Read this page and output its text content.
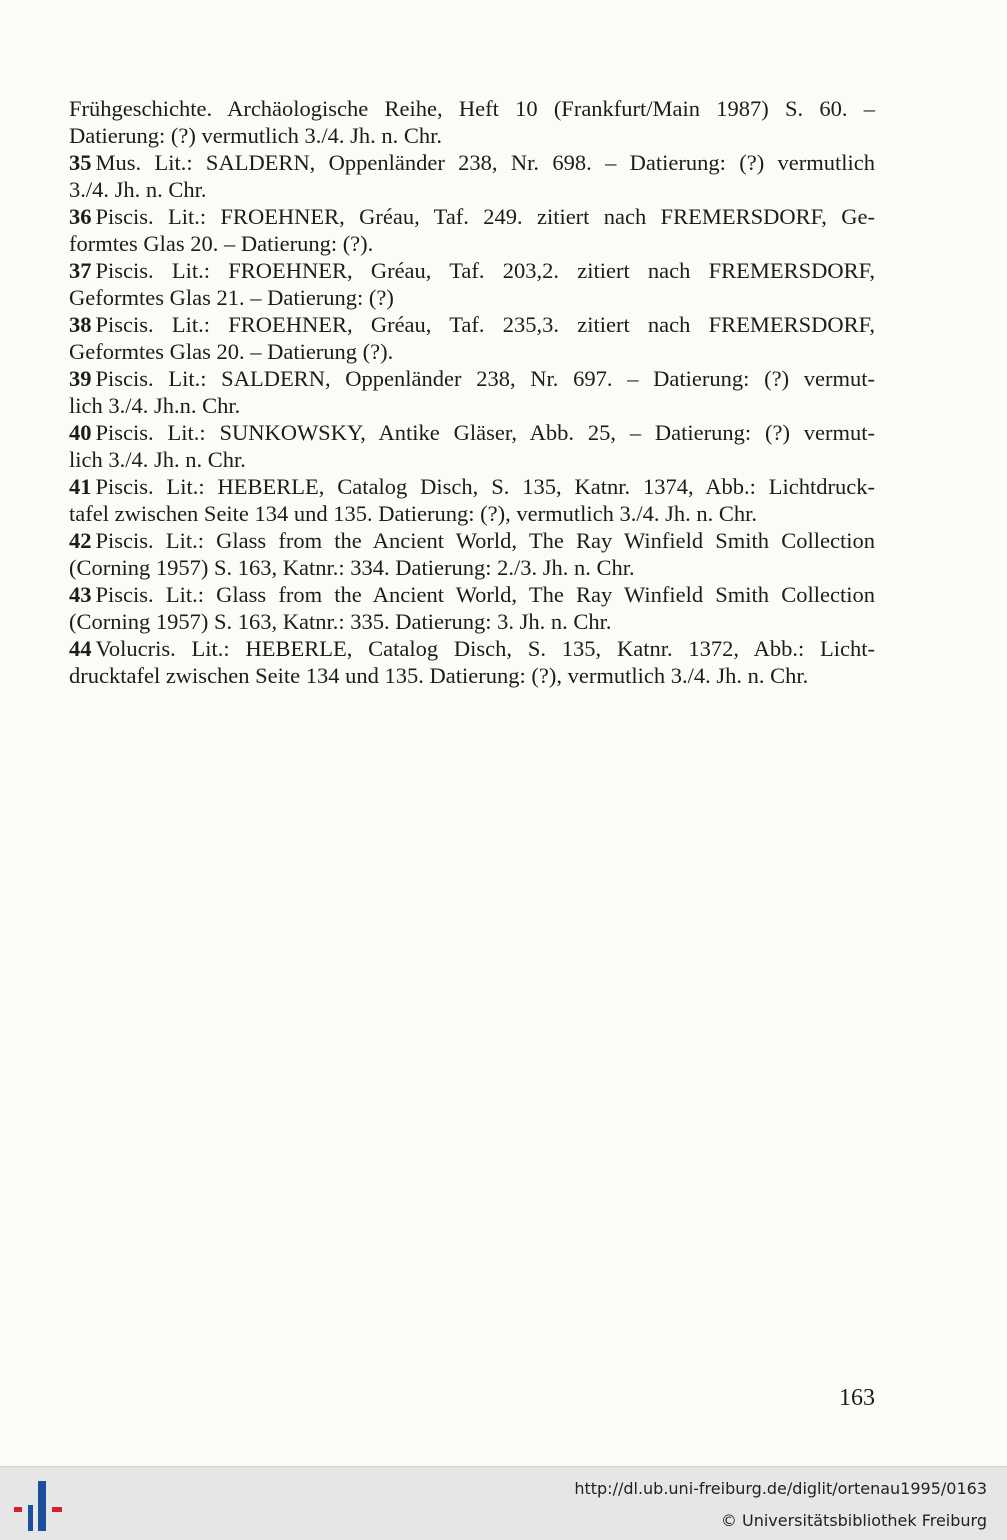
Frühgeschichte. Archäologische Reihe, Heft 10 (Frankfurt/Main 1987) S. 60. –
Datierung: (?) vermutlich 3./4. Jh. n. Chr.
35 Mus. Lit.: SALDERN, Oppenländer 238, Nr. 698. – Datierung: (?) vermutlich
3./4. Jh. n. Chr.
36 Piscis. Lit.: FROEHNER, Gréau, Taf. 249. zitiert nach FREMERSDORF, Ge-
formtes Glas 20. – Datierung: (?).
37 Piscis. Lit.: FROEHNER, Gréau, Taf. 203,2. zitiert nach FREMERSDORF,
Geformtes Glas 21. – Datierung: (?)
38 Piscis. Lit.: FROEHNER, Gréau, Taf. 235,3. zitiert nach FREMERSDORF,
Geformtes Glas 20. – Datierung (?).
39 Piscis. Lit.: SALDERN, Oppenländer 238, Nr. 697. – Datierung: (?) vermut-
lich 3./4. Jh.n. Chr.
40 Piscis. Lit.: SUNKOWSKY, Antike Gläser, Abb. 25, – Datierung: (?) vermut-
lich 3./4. Jh. n. Chr.
41 Piscis. Lit.: HEBERLE, Catalog Disch, S. 135, Katnr. 1374, Abb.: Lichtdruck-
tafel zwischen Seite 134 und 135. Datierung: (?), vermutlich 3./4. Jh. n. Chr.
42 Piscis. Lit.: Glass from the Ancient World, The Ray Winfield Smith Collection
(Corning 1957) S. 163, Katnr.: 334. Datierung: 2./3. Jh. n. Chr.
43 Piscis. Lit.: Glass from the Ancient World, The Ray Winfield Smith Collection
(Corning 1957) S. 163, Katnr.: 335. Datierung: 3. Jh. n. Chr.
44 Volucris. Lit.: HEBERLE, Catalog Disch, S. 135, Katnr. 1372, Abb.: Licht-
drucktafel zwischen Seite 134 und 135. Datierung: (?), vermutlich 3./4. Jh. n. Chr.
163
http://dl.ub.uni-freiburg.de/diglit/ortenau1995/0163
© Universitätsbibliothek Freiburg
